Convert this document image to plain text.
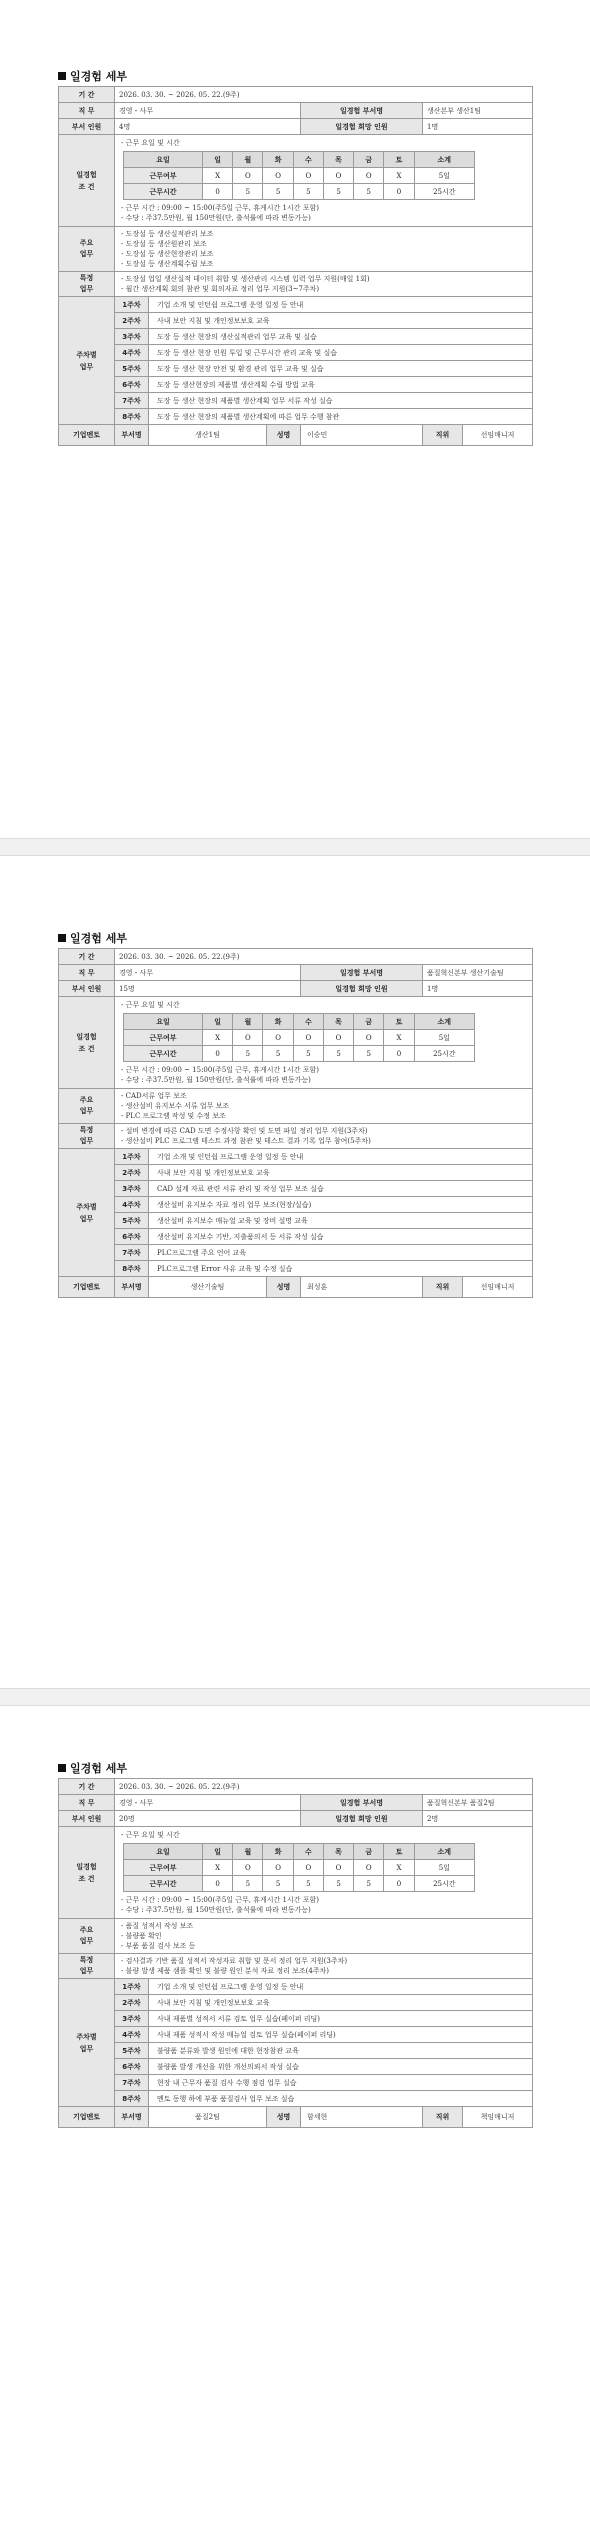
일경험 세부
기 간	2026. 03. 30. ~ 2026. 05. 22.(9주)
직 무	경영・사무	일경험 부서명	생산본부 생산1팀
부서 인원	4명	일경험 희망 인원	1명
일경험
조 건	
- 근무 요일 및 시간
요일	일	월	화	수	목	금	토	소계
근무여부	X	O	O	O	O	O	X	5일
근무시간	0	5	5	5	5	5	0	25시간
- 근무 시간 : 09:00 ~ 15:00(주5일 근무, 휴게시간 1시간 포함)
- 수당 : 주37.5만원, 월 150만원(단, 출석률에 따라 변동가능)

주요
업무	
- 도장설 등 생산실적관리 보조
- 도장설 등 생산원관리 보조
- 도장설 등 생산현장관리 보조
- 도장설 등 생산계획수립 보조

특정
업무	
- 도장설 업일 생산실적 데이터 취합 및 생산관리 시스템 입력 업무 지원(매일 1회)
- 월간 생산계획 회의 참관 및 회의자료 정리 업무 지원(3~7주차)

주차별
업무	1주차	기업 소개 및 인턴쉽 프로그램 운영 일정 등 안내
2주차	사내 보안 지침 및 개인정보보호 교육
3주차	도장 등 생산 현장의 생산실적관리 업무 교육 및 실습
4주차	도장 등 생산 현장 인원 투입 및 근무시간 관리 교육 및 실습
5주차	도장 등 생산 현장 안전 및 환경 관리 업무 교육 및 실습
6주차	도장 등 생산현장의 제품별 생산계획 수립 방법 교육
7주차	도장 등 생산 현장의 제품별 생산계획 업무 서류 작성 실습
8주차	도장 등 생산 현장의 제품별 생산계획에 따른 업무 수행 참관
기업멘토	부서명	생산1팀	성명	이승민	직위	선임매니저
일경험 세부
기 간	2026. 03. 30. ~ 2026. 05. 22.(9주)
직 무	경영・사무	일경험 부서명	품질혁신본부 생산기술팀
부서 인원	15명	일경험 희망 인원	1명
일경험
조 건	
- 근무 요일 및 시간
요일	일	월	화	수	목	금	토	소계
근무여부	X	O	O	O	O	O	X	5일
근무시간	0	5	5	5	5	5	0	25시간
- 근무 시간 : 09:00 ~ 15:00(주5일 근무, 휴게시간 1시간 포함)
- 수당 : 주37.5만원, 월 150만원(단, 출석률에 따라 변동가능)

주요
업무	
- CAD서류 업무 보조
- 생산설비 유지보수 서류 업무 보조
- PLC 프로그램 작성 및 수정 보조

특정
업무	
- 설비 변경에 따른 CAD 도면 수정사항 확인 및 도면 파일 정리 업무 지원(3주차)
- 생산설비 PLC 프로그램 테스트 과정 참관 및 테스트 결과 기록 업무 참여(5주차)

주차별
업무	1주차	기업 소개 및 인턴쉽 프로그램 운영 일정 등 안내
2주차	사내 보안 지침 및 개인정보보호 교육
3주차	CAD 설계 자료 관련 서류 관리 및 작성 업무 보조 실습
4주차	생산설비 유지보수 자료 정리 업무 보조(현장/실습)
5주차	생산설비 유지보수 매뉴얼 교육 및 장비 설명 교육
6주차	생산설비 유지보수 기반, 지출품의서 등 서류 작성 실습
7주차	PLC프로그램 주요 언어 교육
8주차	PLC프로그램 Error 사유 교육 및 수정 실습
기업멘토	부서명	생산기술팀	성명	최성훈	직위	선임매니저
일경험 세부
기 간	2026. 03. 30. ~ 2026. 05. 22.(9주)
직 무	경영・사무	일경험 부서명	품질혁신본부 품질2팀
부서 인원	20명	일경험 희망 인원	2명
일경험
조 건	
- 근무 요일 및 시간
요일	일	월	화	수	목	금	토	소계
근무여부	X	O	O	O	O	O	X	5일
근무시간	0	5	5	5	5	5	0	25시간
- 근무 시간 : 09:00 ~ 15:00(주5일 근무, 휴게시간 1시간 포함)
- 수당 : 주37.5만원, 월 150만원(단, 출석률에 따라 변동가능)

주요
업무	
- 품질 성적서 작성 보조
- 불량품 확인
- 부품 품질 검사 보조 등

특정
업무	
- 검사결과 기반 품질 성적서 작성자료 취합 및 문서 정리 업무 지원(3주차)
- 불량 발생 제품 샘플 확인 및 불량 원인 분석 자료 정리 보조(4주차)

주차별
업무	1주차	기업 소개 및 인턴쉽 프로그램 운영 일정 등 안내
2주차	사내 보안 지침 및 개인정보보호 교육
3주차	사내 제품별 성적서 서류 검토 업무 실습(페이퍼 리딩)
4주차	사내 제품 성적서 작성 매뉴얼 검토 업무 실습(페이퍼 리딩)
5주차	불량품 분류와 발생 원인에 대한 현장참관 교육
6주차	불량품 발생 개선을 위한 개선의뢰서 작성 실습
7주차	현장 내 근무자 품질 검사 수행 점검 업무 실습
8주차	멘토 동행 하에 부품 품질검사 업무 보조 실습
기업멘토	부서명	품질2팀	성명	함세현	직위	책임매니저
